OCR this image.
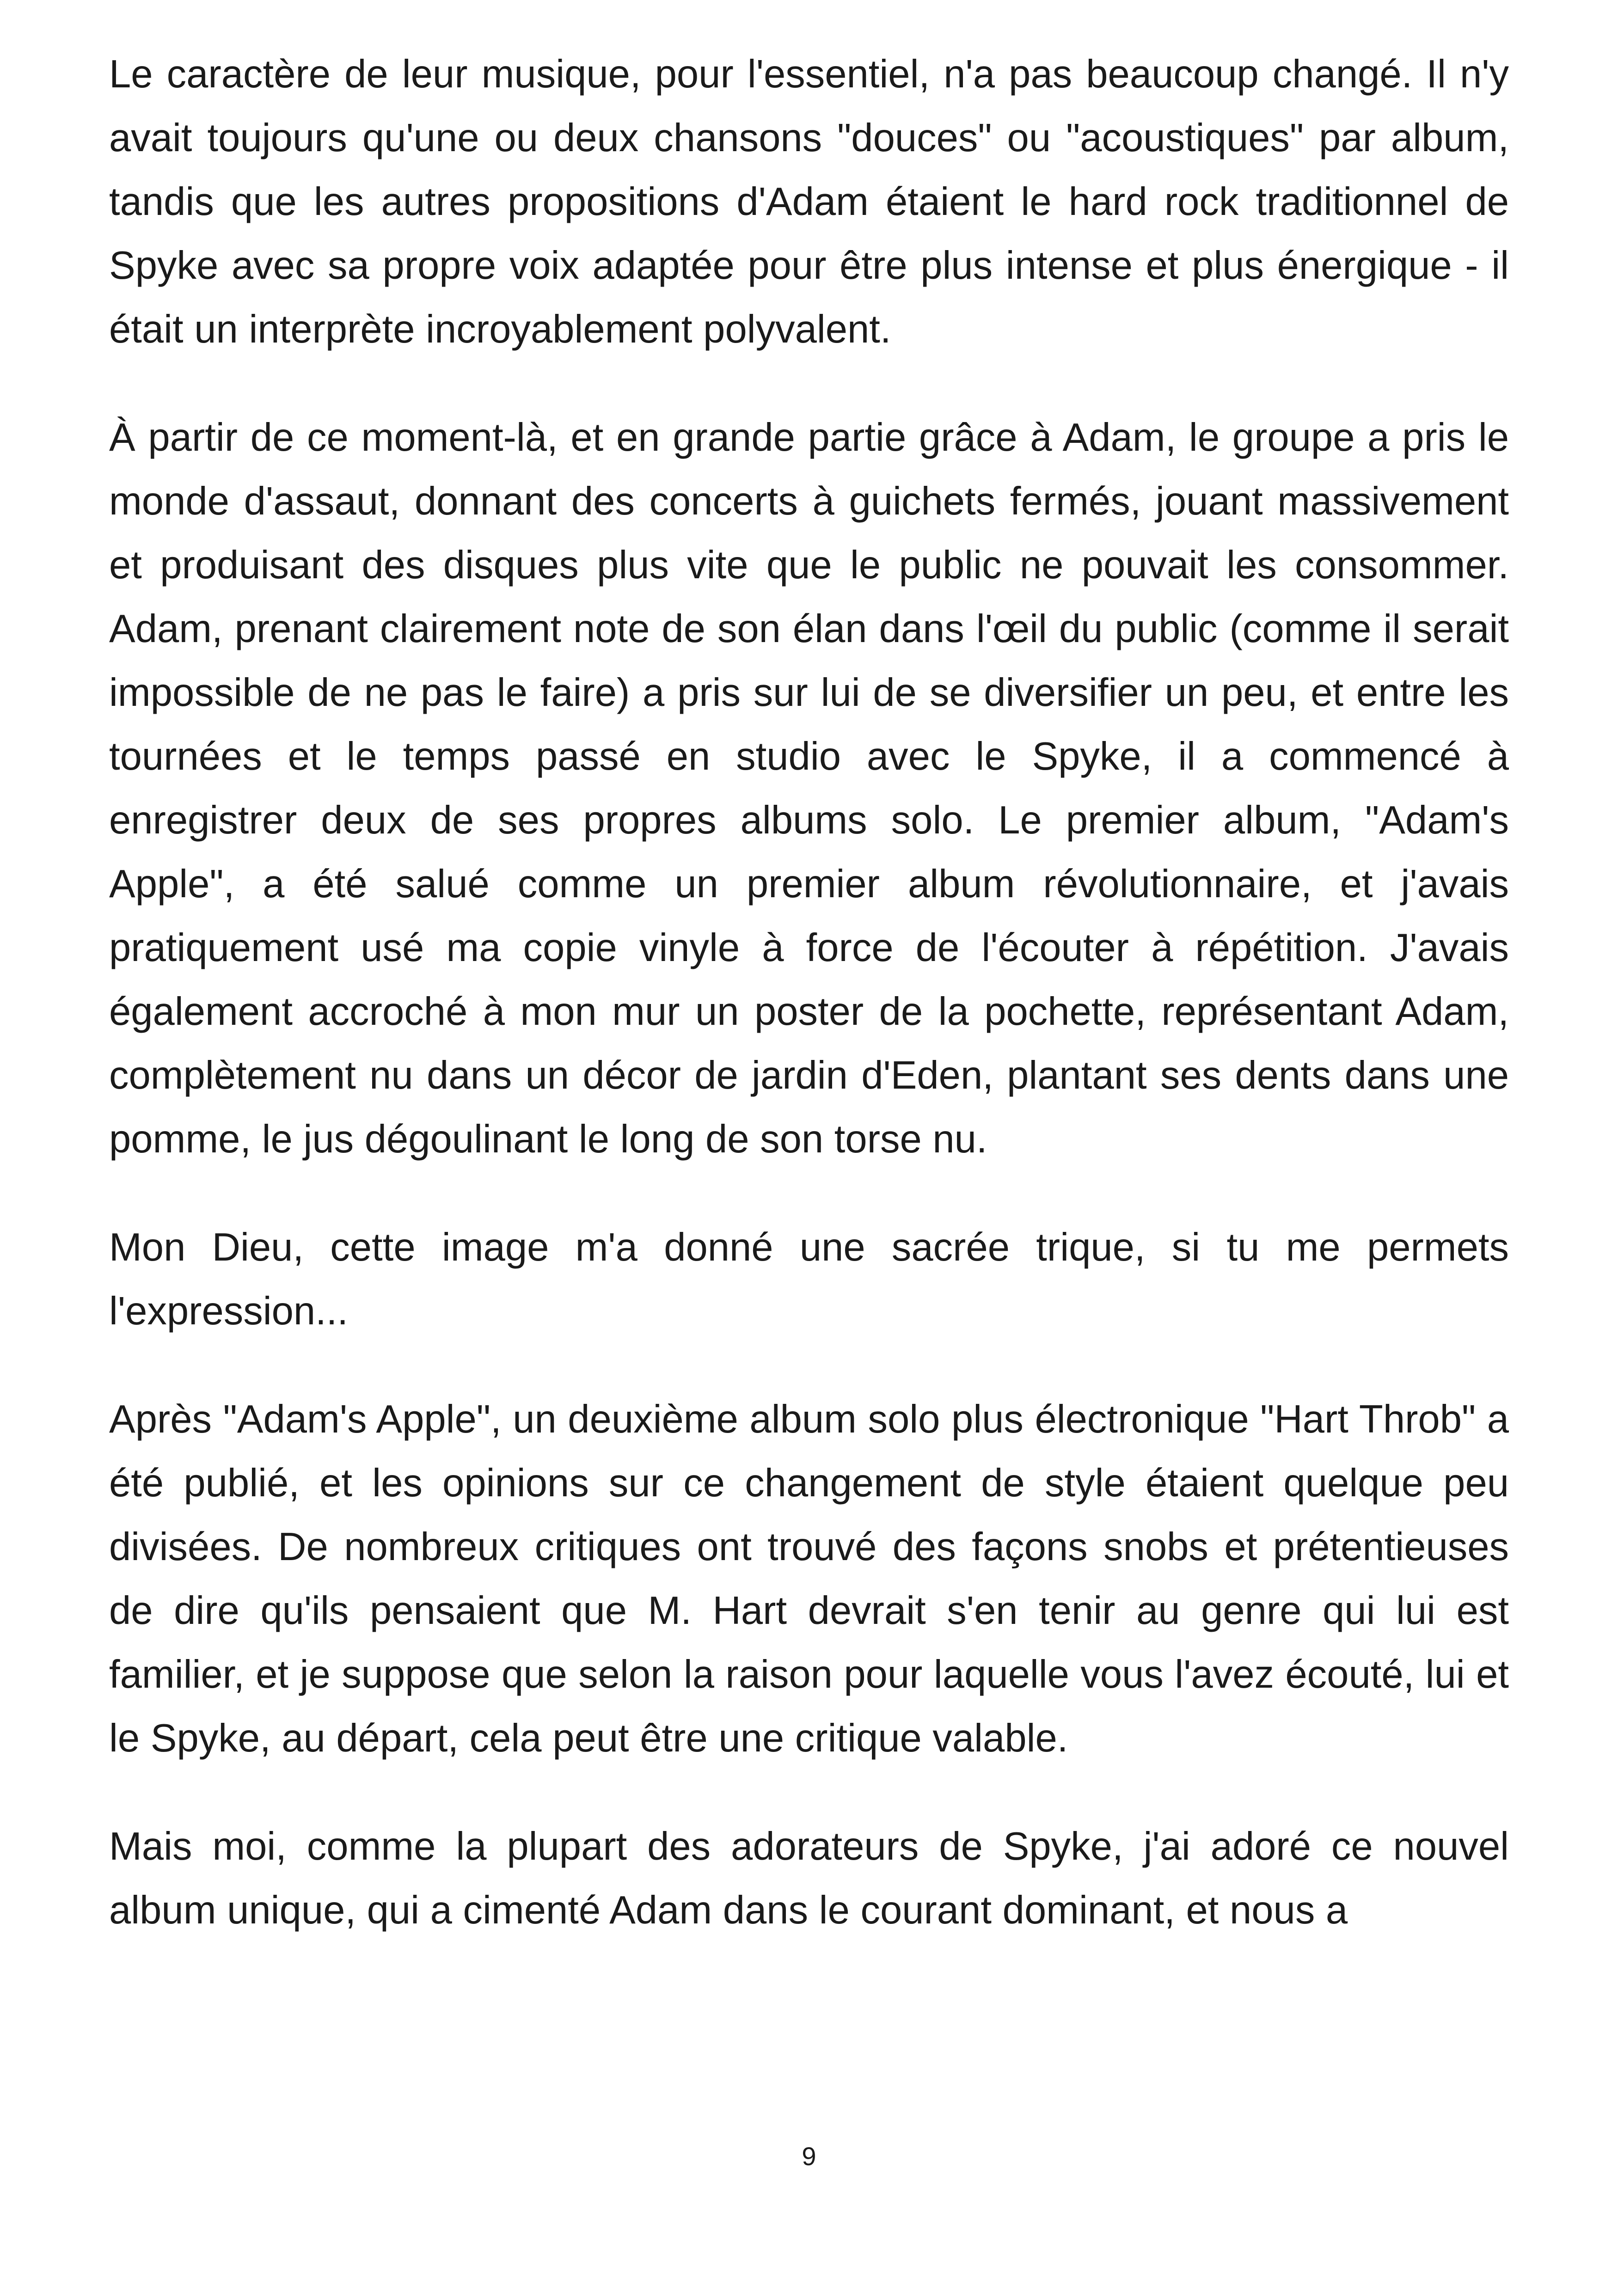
Le caractère de leur musique, pour l'essentiel, n'a pas beaucoup changé. Il n'y avait toujours qu'une ou deux chansons "douces" ou "acoustiques" par album, tandis que les autres propositions d'Adam étaient le hard rock traditionnel de Spyke avec sa propre voix adaptée pour être plus intense et plus énergique - il était un interprète incroyablement polyvalent.

À partir de ce moment-là, et en grande partie grâce à Adam, le groupe a pris le monde d'assaut, donnant des concerts à guichets fermés, jouant massivement et produisant des disques plus vite que le public ne pouvait les consommer. Adam, prenant clairement note de son élan dans l'œil du public (comme il serait impossible de ne pas le faire) a pris sur lui de se diversifier un peu, et entre les tournées et le temps passé en studio avec le Spyke, il a commencé à enregistrer deux de ses propres albums solo. Le premier album, "Adam's Apple", a été salué comme un premier album révolutionnaire, et j'avais pratiquement usé ma copie vinyle à force de l'écouter à répétition. J'avais également accroché à mon mur un poster de la pochette, représentant Adam, complètement nu dans un décor de jardin d'Eden, plantant ses dents dans une pomme, le jus dégoulinant le long de son torse nu.

Mon Dieu, cette image m'a donné une sacrée trique, si tu me permets l'expression...

Après "Adam's Apple", un deuxième album solo plus électronique "Hart Throb" a été publié, et les opinions sur ce changement de style étaient quelque peu divisées. De nombreux critiques ont trouvé des façons snobs et prétentieuses de dire qu'ils pensaient que M. Hart devrait s'en tenir au genre qui lui est familier, et je suppose que selon la raison pour laquelle vous l'avez écouté, lui et le Spyke, au départ, cela peut être une critique valable.

Mais moi, comme la plupart des adorateurs de Spyke, j'ai adoré ce nouvel album unique, qui a cimenté Adam dans le courant dominant, et nous a

9
